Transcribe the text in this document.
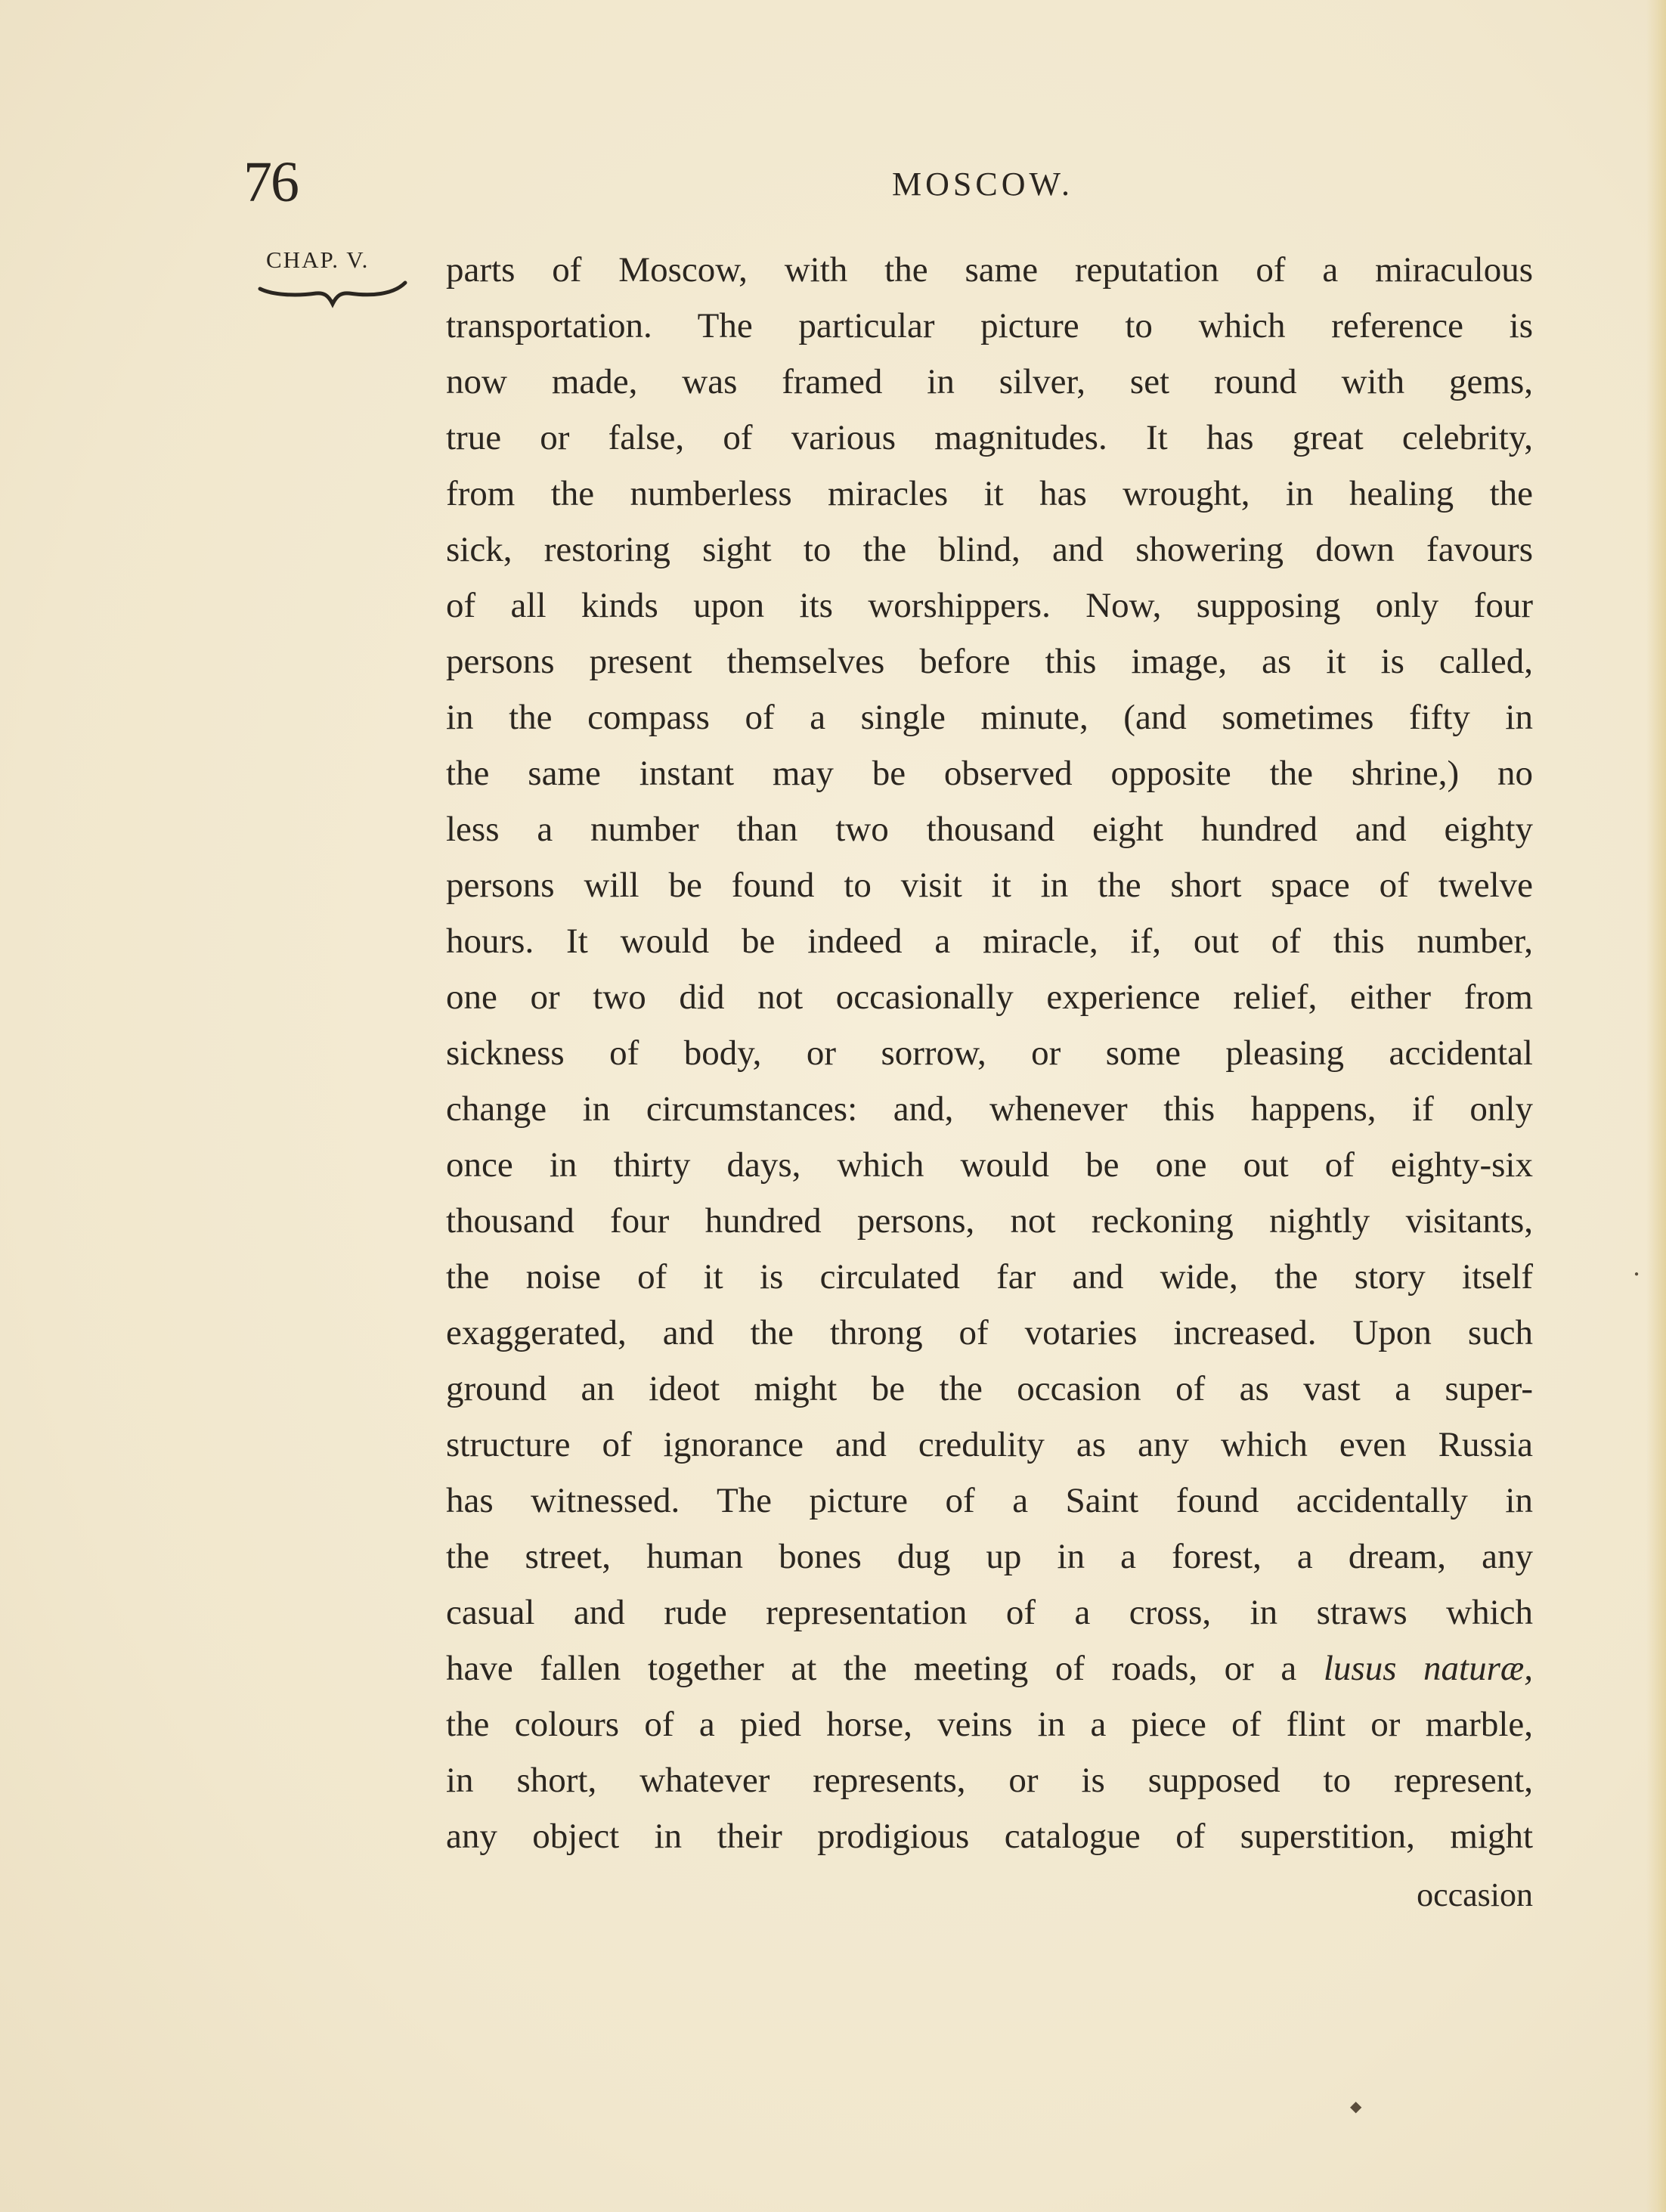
76	MOSCOW.
CHAP. V. parts of Moscow, with the same reputation of a miraculous
transportation. The particular picture to which reference is
now made, was framed in silver, set round with gems,
true or false, of various magnitudes. It has great celebrity,
from the numberless miracles it has wrought, in healing the
sick, restoring sight to the blind, and showering down favours
of all kinds upon its worshippers. Now, supposing only four
persons present themselves before this image, as it is called,
in the compass of a single minute, (and sometimes fifty in
the same instant may be observed opposite the shrine,) no
less a number than two thousand eight hundred and eighty
persons will be found to visit it in the short space of twelve
hours. It would be indeed a miracle, if, out of this number,
one or two did not occasionally experience relief, either from
sickness of body, or sorrow, or some pleasing accidental
change in circumstances: and, whenever this happens, if only
once in thirty days, which would be one out of eighty-six
thousand four hundred persons, not reckoning nightly visitants,
the noise of it is circulated far and wide, the story itself
exaggerated, and the throng of votaries increased. Upon such
ground an ideot might be the occasion of as vast a super-
structure of ignorance and credulity as any which even Russia
has witnessed. The picture of a Saint found accidentally in
the street, human bones dug up in a forest, a dream, any
casual and rude representation of a cross, in straws which
have fallen together at the meeting of roads, or a lusus naturæ,
the colours of a pied horse, veins in a piece of flint or marble,
in short, whatever represents, or is supposed to represent,
any object in their prodigious catalogue of superstition, might
occasion
◆
●
